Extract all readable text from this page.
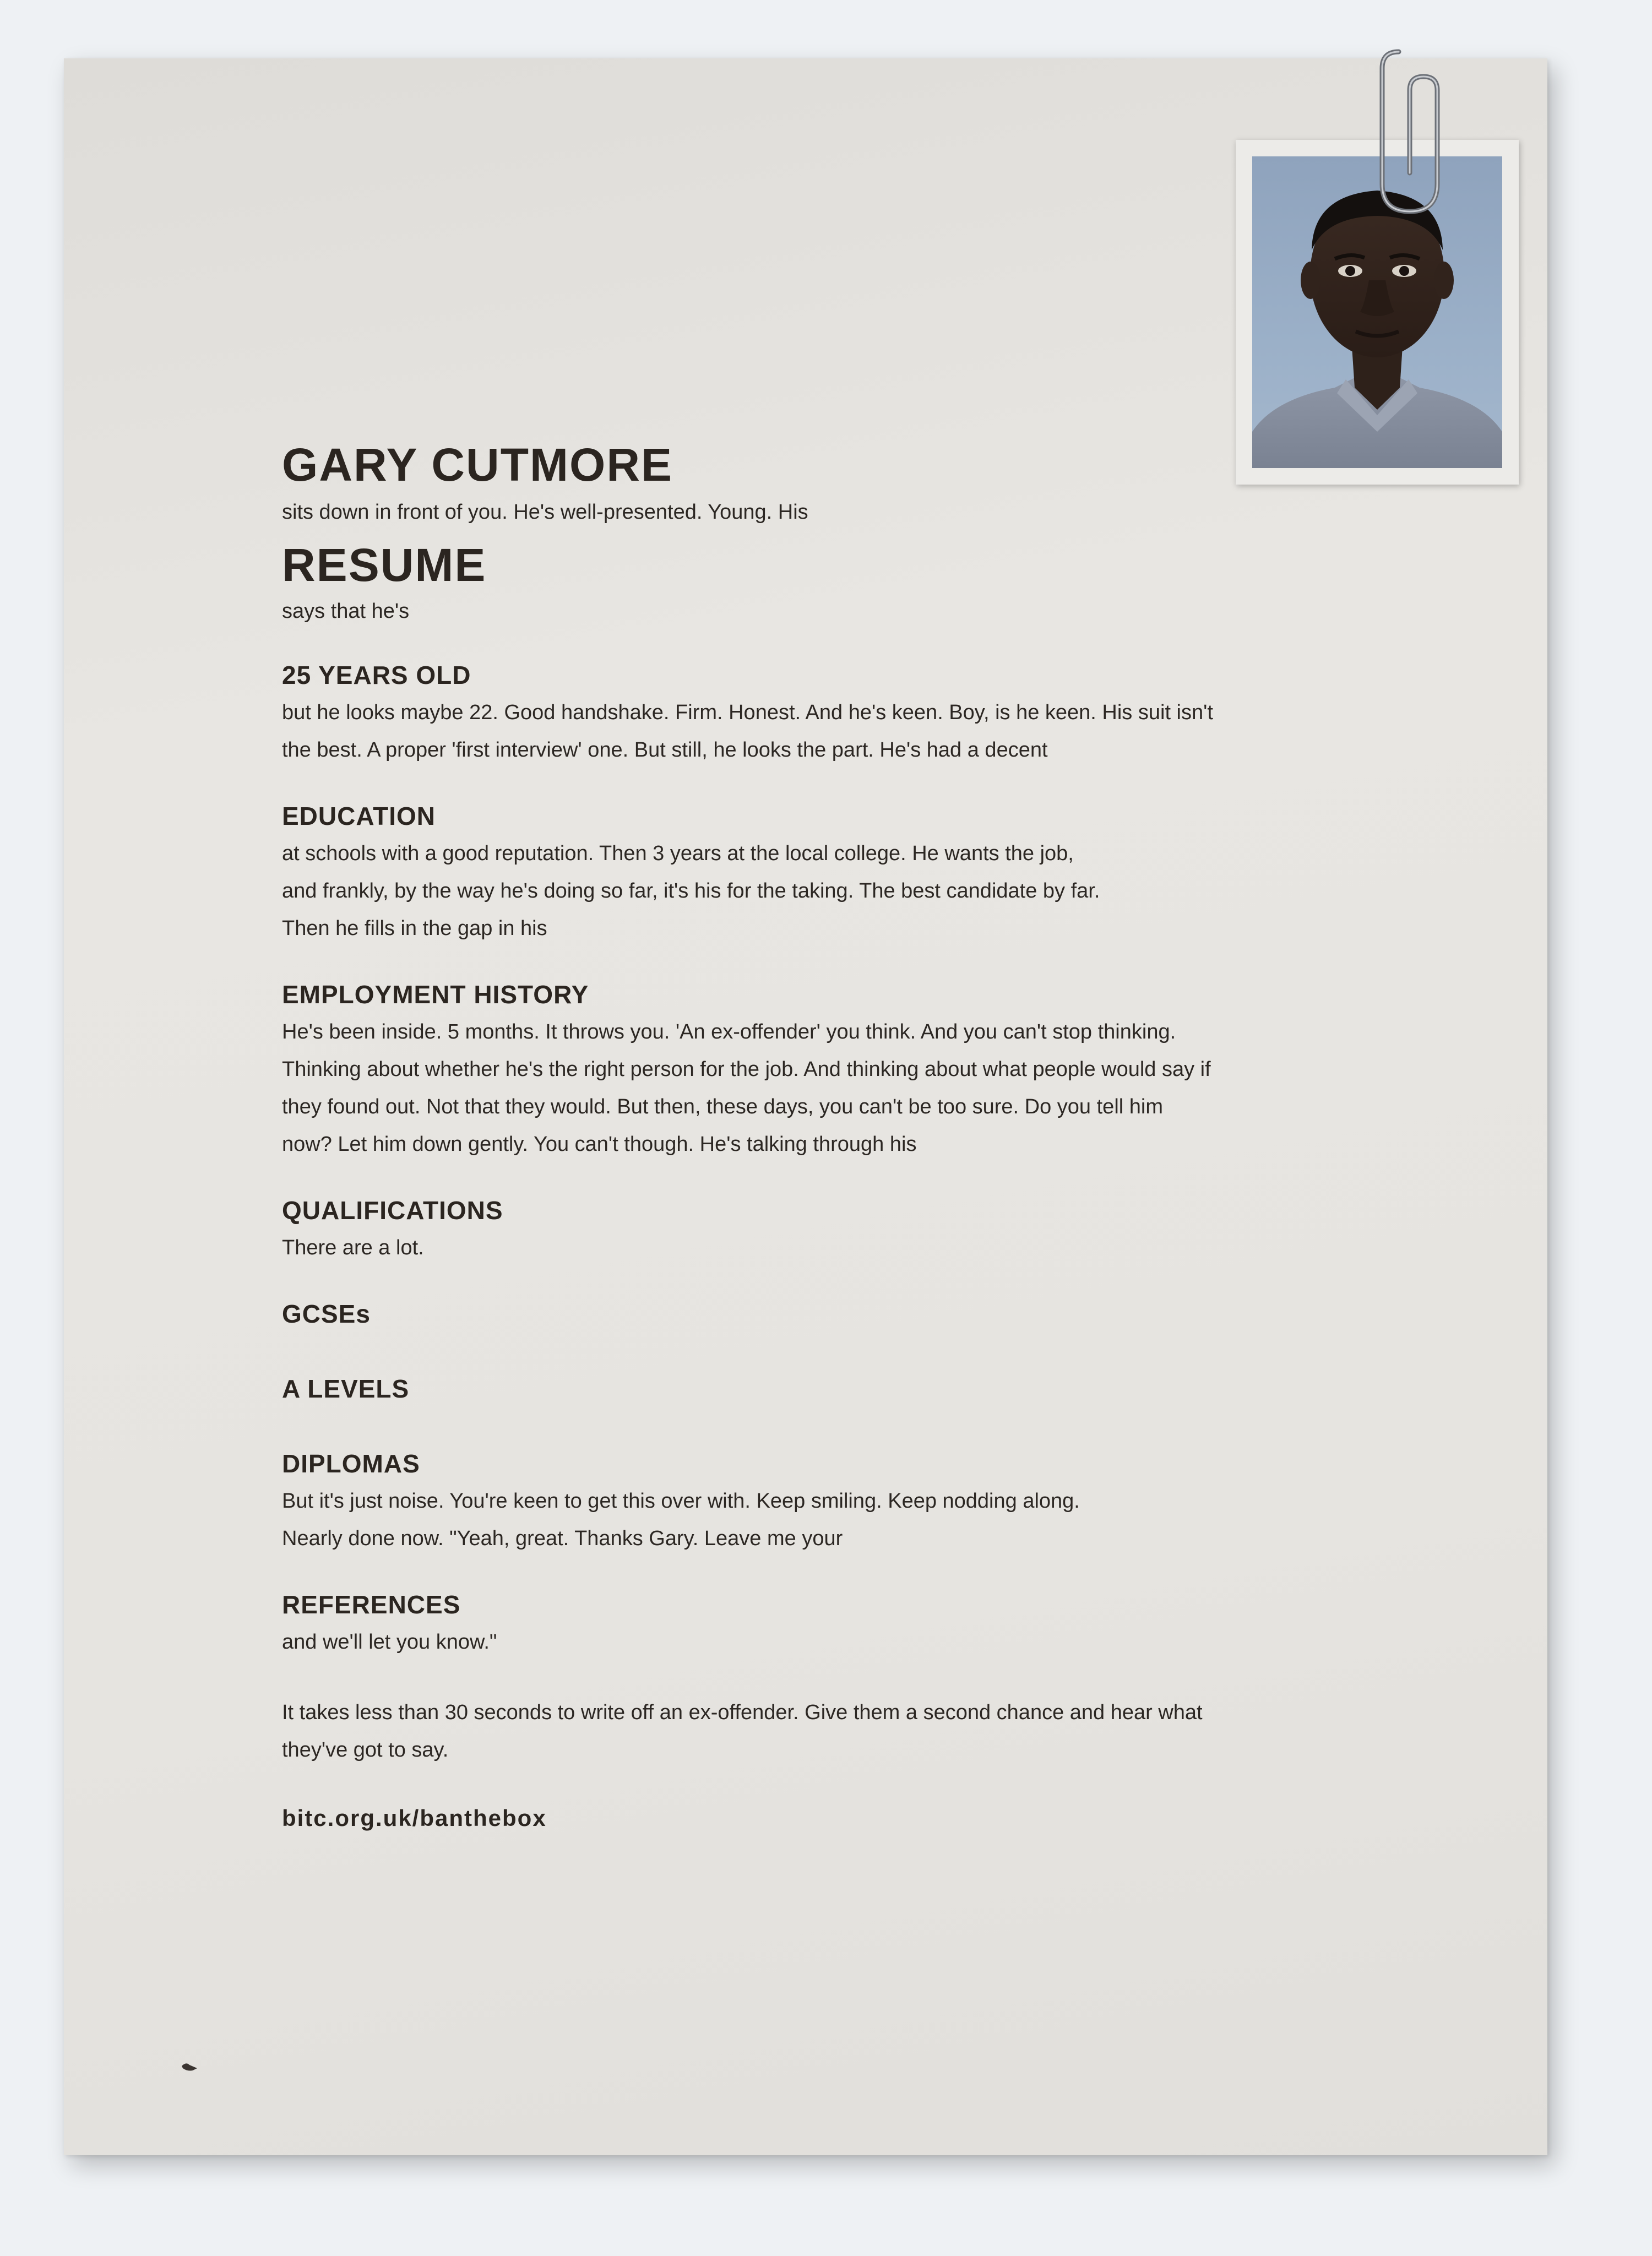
GARY CUTMORE

sits down in front of you. He's well-presented. Young. His

RESUME

says that he's

25 YEARS OLD

but he looks maybe 22. Good handshake. Firm. Honest. And he's keen. Boy, is he keen. His suit isn't

the best. A proper 'first interview' one. But still, he looks the part. He's had a decent

EDUCATION

at schools with a good reputation. Then 3 years at the local college. He wants the job,

and frankly, by the way he's doing so far, it's his for the taking. The best candidate by far.

Then he fills in the gap in his

EMPLOYMENT HISTORY

He's been inside. 5 months. It throws you. 'An ex-offender' you think. And you can't stop thinking.

Thinking about whether he's the right person for the job. And thinking about what people would say if

they found out. Not that they would. But then, these days, you can't be too sure. Do you tell him

now? Let him down gently. You can't though. He's talking through his

QUALIFICATIONS

There are a lot.

GCSEs
A LEVELS
DIPLOMAS

But it's just noise. You're keen to get this over with. Keep smiling. Keep nodding along.

Nearly done now. "Yeah, great. Thanks Gary. Leave me your

REFERENCES

and we'll let you know."

It takes less than 30 seconds to write off an ex-offender. Give them a second chance and hear what

they've got to say.

bitc.org.uk/banthebox
